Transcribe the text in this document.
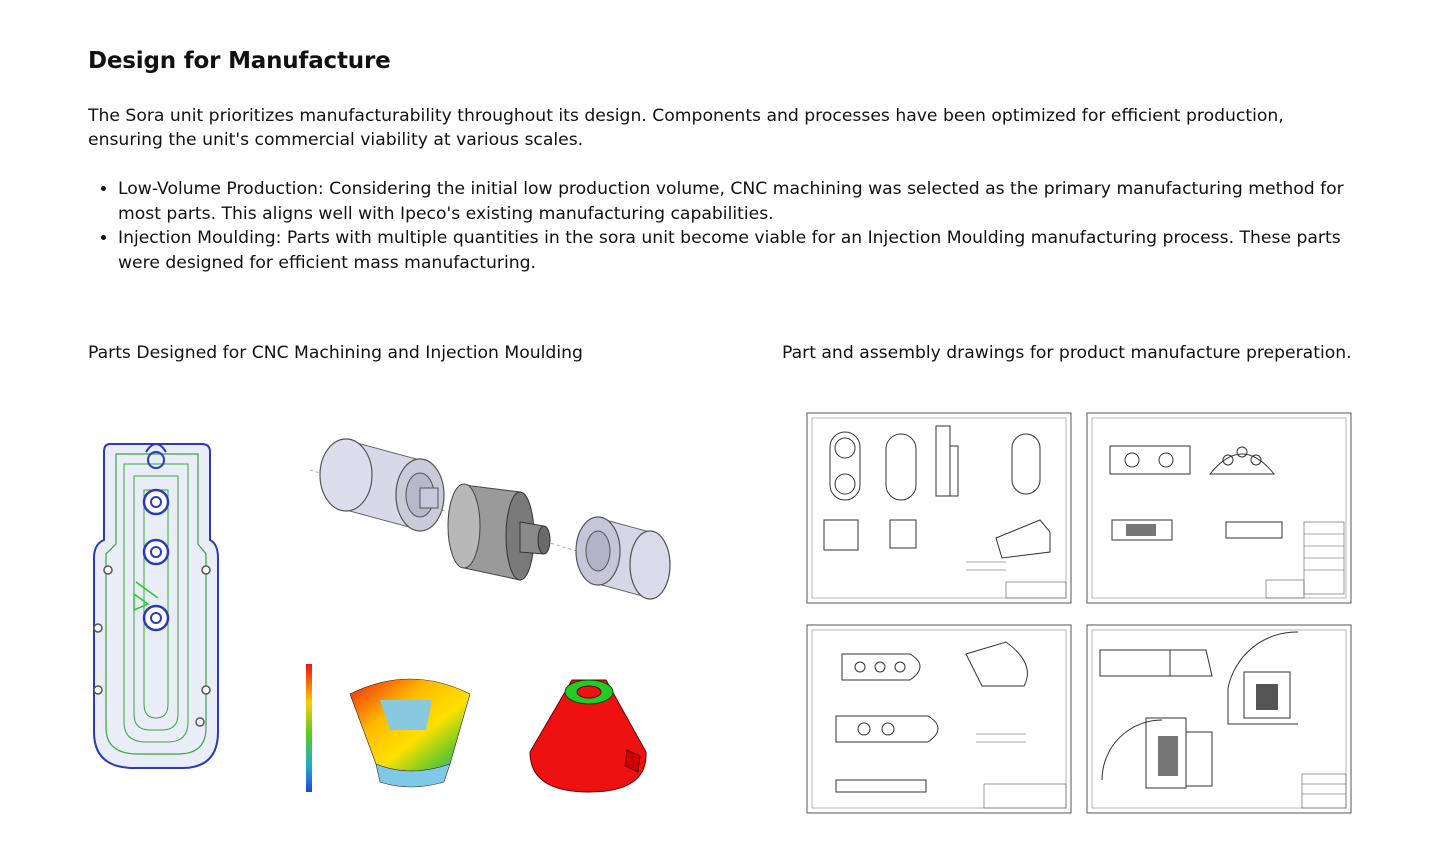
Design for Manufacture

The Sora unit prioritizes manufacturability throughout its design. Components and processes have been optimized for efficient production, ensuring the unit's commercial viability at various scales.

• Low-Volume Production: Considering the initial low production volume, CNC machining was selected as the primary manufacturing method for most parts. This aligns well with Ipeco's existing manufacturing capabilities.
• Injection Moulding: Parts with multiple quantities in the sora unit become viable for an Injection Moulding manufacturing process. These parts were designed for efficient mass manufacturing.

Parts Designed for CNC Machining and Injection Moulding	Part and assembly drawings for product manufacture preperation.
